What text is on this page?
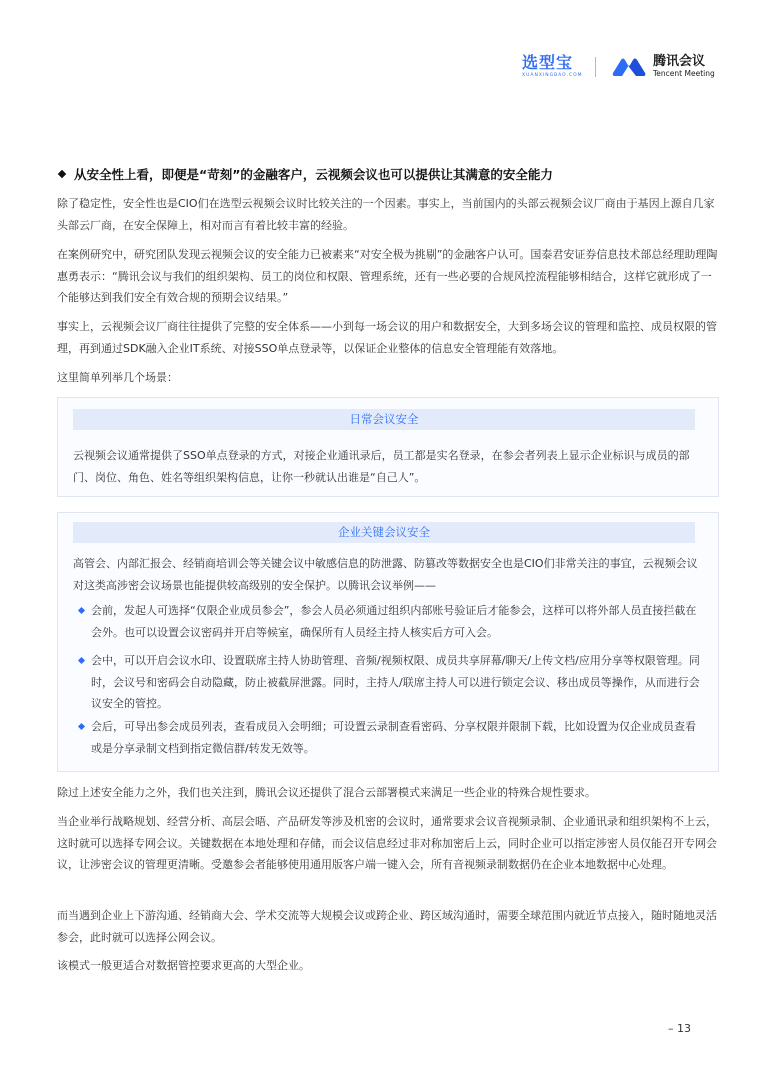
选型宝
XUANXINGBAO.COM
腾讯会议
Tencent Meeting
从安全性上看，即便是“苛刻”的金融客户，云视频会议也可以提供让其满意的安全能力

除了稳定性，安全性也是CIO们在选型云视频会议时比较关注的一个因素。事实上，当前国内的头部云视频会议厂商由于基因上源自几家头部云厂商，在安全保障上，相对而言有着比较丰富的经验。

在案例研究中，研究团队发现云视频会议的安全能力已被素来“对安全极为挑剔”的金融客户认可。国泰君安证券信息技术部总经理助理陶惠勇表示：“腾讯会议与我们的组织架构、员工的岗位和权限、管理系统，还有一些必要的合规风控流程能够相结合，这样它就形成了一个能够达到我们安全有效合规的预期会议结果。”

事实上，云视频会议厂商往往提供了完整的安全体系——小到每一场会议的用户和数据安全，大到多场会议的管理和监控、成员权限的管理，再到通过SDK融入企业IT系统、对接SSO单点登录等，以保证企业整体的信息安全管理能有效落地。

这里简单列举几个场景：

日常会议安全
云视频会议通常提供了SSO单点登录的方式，对接企业通讯录后，员工都是实名登录，在参会者列表上显示企业标识与成员的部门、岗位、角色、姓名等组织架构信息，让你一秒就认出谁是“自己人”。
企业关键会议安全
高管会、内部汇报会、经销商培训会等关键会议中敏感信息的防泄露、防篡改等数据安全也是CIO们非常关注的事宜，云视频会议对这类高涉密会议场景也能提供较高级别的安全保护。以腾讯会议举例——
会前，发起人可选择“仅限企业成员参会”，参会人员必须通过组织内部账号验证后才能参会，这样可以将外部人员直接拦截在会外。也可以设置会议密码并开启等候室，确保所有人员经主持人核实后方可入会。
会中，可以开启会议水印、设置联席主持人协助管理、音频/视频权限、成员共享屏幕/聊天/上传文档/应用分享等权限管理。同时，会议号和密码会自动隐藏，防止被截屏泄露。同时，主持人/联席主持人可以进行锁定会议、移出成员等操作，从而进行会议安全的管控。
会后，可导出参会成员列表，查看成员入会明细；可设置云录制查看密码、分享权限并限制下载，比如设置为仅企业成员查看或是分享录制文档到指定微信群/转发无效等。

除过上述安全能力之外，我们也关注到，腾讯会议还提供了混合云部署模式来满足一些企业的特殊合规性要求。

当企业举行战略规划、经营分析、高层会晤、产品研发等涉及机密的会议时，通常要求会议音视频录制、企业通讯录和组织架构不上云，这时就可以选择专网会议。关键数据在本地处理和存储，而会议信息经过非对称加密后上云，同时企业可以指定涉密人员仅能召开专网会议，让涉密会议的管理更清晰。受邀参会者能够使用通用版客户端一键入会，所有音视频录制数据仍在企业本地数据中心处理。

而当遇到企业上下游沟通、经销商大会、学术交流等大规模会议或跨企业、跨区域沟通时，需要全球范围内就近节点接入，随时随地灵活参会，此时就可以选择公网会议。

该模式一般更适合对数据管控要求更高的大型企业。

– 13
